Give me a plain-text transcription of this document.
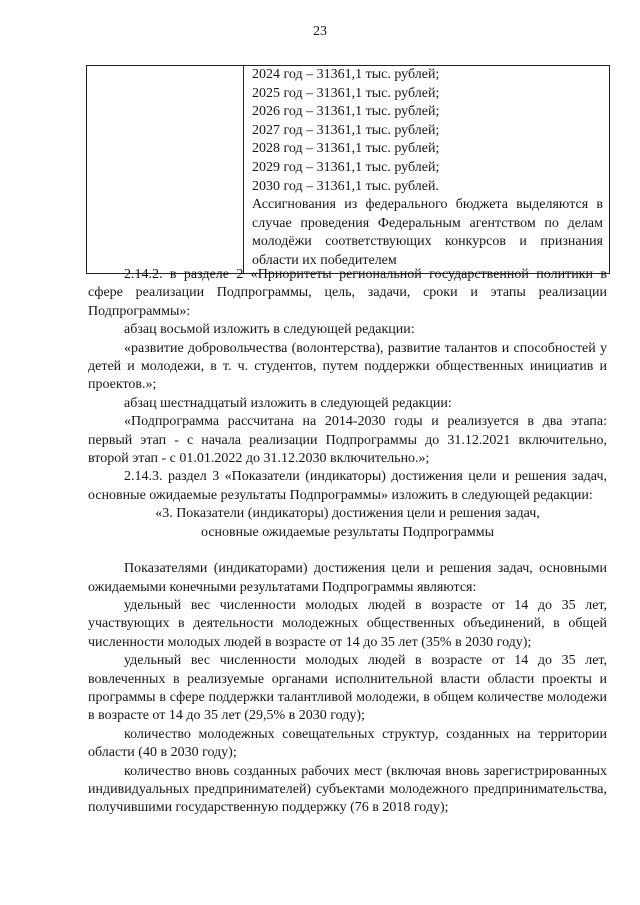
23

2024 год – 31361,1 тыс. рублей;
2025 год – 31361,1 тыс. рублей;
2026 год – 31361,1 тыс. рублей;
2027 год – 31361,1 тыс. рублей;
2028 год – 31361,1 тыс. рублей;
2029 год – 31361,1 тыс. рублей;
2030 год – 31361,1 тыс. рублей.
Ассигнования из федерального бюджета выделяются в случае проведения Федеральным агентством по делам молодёжи соответствующих конкурсов и признания области их победителем

2.14.2. в разделе 2 «Приоритеты региональной государственной политики в сфере реализации Подпрограммы, цель, задачи, сроки и этапы реализации Подпрограммы»:

абзац восьмой изложить в следующей редакции:

«развитие добровольчества (волонтерства), развитие талантов и способностей у детей и молодежи, в т. ч. студентов, путем поддержки общественных инициатив и проектов.»;

абзац шестнадцатый изложить в следующей редакции:

«Подпрограмма рассчитана на 2014-2030 годы и реализуется в два этапа: первый этап - с начала реализации Подпрограммы до 31.12.2021 включительно, второй этап - с 01.01.2022 до 31.12.2030 включительно.»;

2.14.3. раздел 3 «Показатели (индикаторы) достижения цели и решения задач, основные ожидаемые результаты Подпрограммы» изложить в следующей редакции:

«3. Показатели (индикаторы) достижения цели и решения задач,

основные ожидаемые результаты Подпрограммы

Показателями (индикаторами) достижения цели и решения задач, основными ожидаемыми конечными результатами Подпрограммы являются:

удельный вес численности молодых людей в возрасте от 14 до 35 лет, участвующих в деятельности молодежных общественных объединений, в общей численности молодых людей в возрасте от 14 до 35 лет (35% в 2030 году);

удельный вес численности молодых людей в возрасте от 14 до 35 лет, вовлеченных в реализуемые органами исполнительной власти области проекты и программы в сфере поддержки талантливой молодежи, в общем количестве молодежи в возрасте от 14 до 35 лет (29,5% в 2030 году);

количество молодежных совещательных структур, созданных на территории области (40 в 2030 году);

количество вновь созданных рабочих мест (включая вновь зарегистрированных индивидуальных предпринимателей) субъектами молодежного предпринимательства, получившими государственную поддержку (76 в 2018 году);
